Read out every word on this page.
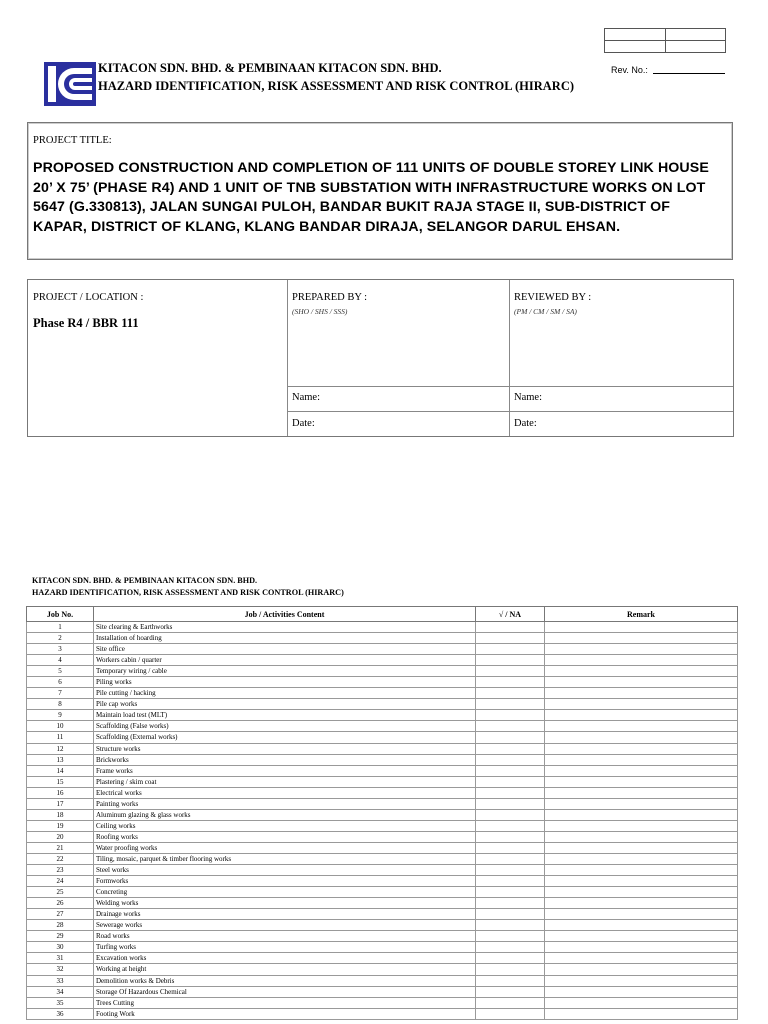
KITACON SDN. BHD. & PEMBINAAN KITACON SDN. BHD.
HAZARD IDENTIFICATION, RISK ASSESSMENT AND RISK CONTROL (HIRARC)
Rev. No.:
PROJECT TITLE:
PROPOSED CONSTRUCTION AND COMPLETION OF 111 UNITS OF DOUBLE STOREY LINK HOUSE 20’ X 75’ (PHASE R4) AND 1 UNIT OF TNB SUBSTATION WITH INFRASTRUCTURE WORKS ON LOT 5647 (G.330813), JALAN SUNGAI PULOH, BANDAR BUKIT RAJA STAGE II, SUB-DISTRICT OF KAPAR, DISTRICT OF KLANG, KLANG BANDAR DIRAJA, SELANGOR DARUL EHSAN.
PROJECT / LOCATION :
Phase R4 / BBR 111
PREPARED BY :
(SHO / SHS / SSS)
Name:
Date:
REVIEWED BY :
(PM / CM / SM / SA)
Name:
Date:
KITACON SDN. BHD. & PEMBINAAN KITACON SDN. BHD.
HAZARD IDENTIFICATION, RISK ASSESSMENT AND RISK CONTROL (HIRARC)
Job No.	Job / Activities Content	√ / NA	Remark
1	Site clearing & Earthworks		
2	Installation of hoarding		
3	Site office		
4	Workers cabin / quarter		
5	Temporary wiring / cable		
6	Piling works		
7	Pile cutting / hacking		
8	Pile cap works		
9	Maintain load test (MLT)		
10	Scaffolding (False works)		
11	Scaffolding (External works)		
12	Structure works		
13	Brickworks		
14	Frame works		
15	Plastering / skim coat		
16	Electrical works		
17	Painting works		
18	Aluminum glazing & glass works		
19	Ceiling works		
20	Roofing works		
21	Water proofing works		
22	Tiling, mosaic, parquet & timber flooring works		
23	Steel works		
24	Formworks		
25	Concreting		
26	Welding works		
27	Drainage works		
28	Sewerage works		
29	Road works		
30	Turfing works		
31	Excavation works		
32	Working at height		
33	Demolition works & Debris		
34	Storage Of Hazardous Chemical		
35	Trees Cutting		
36	Footing Work		
